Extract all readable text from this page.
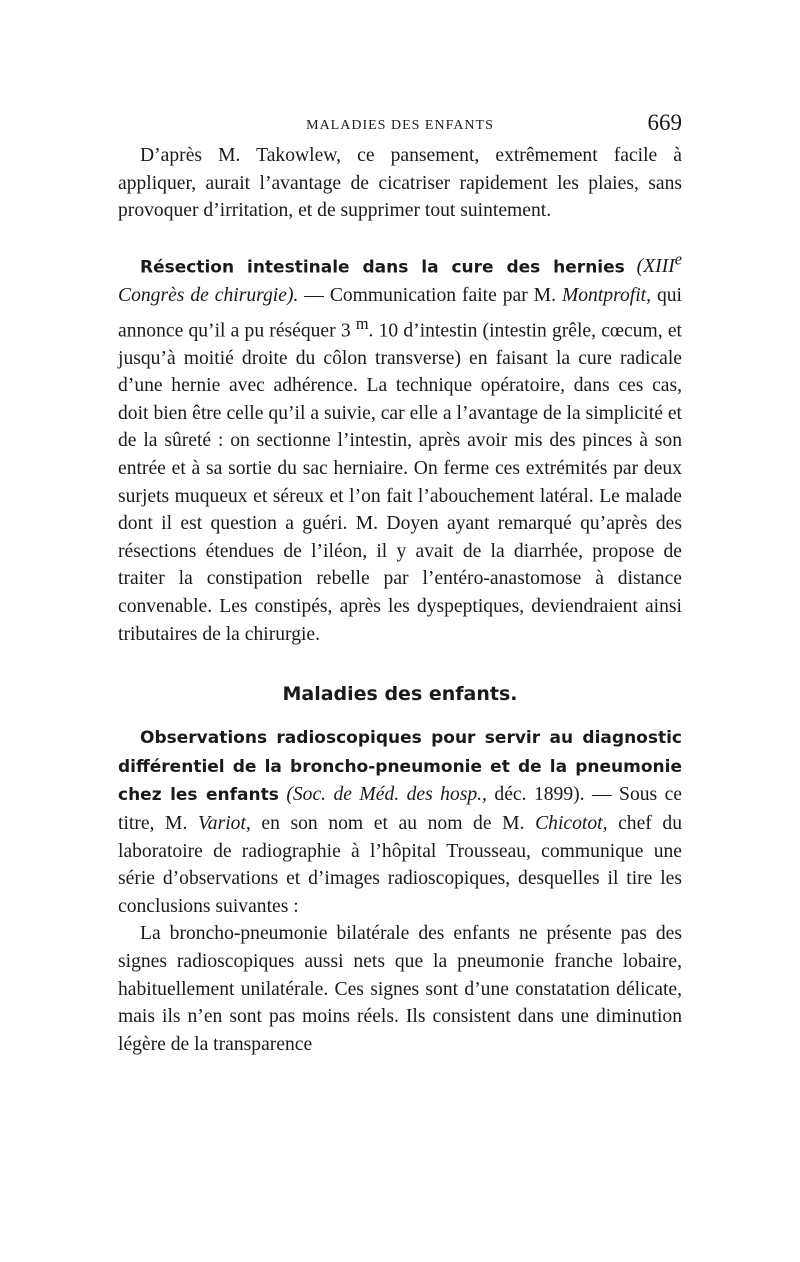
MALADIES DES ENFANTS	669

D’après M. Takowlew, ce pansement, extrêmement facile à appliquer, aurait l’avantage de cicatriser rapidement les plaies, sans provoquer d’irritation, et de supprimer tout suintement.

Résection intestinale dans la cure des hernies (XIIIe Congrès de chirurgie). — Communication faite par M. Montprofit, qui annonce qu’il a pu réséquer 3 $^m$. 10 d’intestin (intestin grêle, cœcum, et jusqu’à moitié droite du côlon transverse) en faisant la cure radicale d’une hernie avec adhérence. La technique opératoire, dans ces cas, doit bien être celle qu’il a suivie, car elle a l’avantage de la simplicité et de la sûreté : on sectionne l’intestin, après avoir mis des pinces à son entrée et à sa sortie du sac herniaire. On ferme ces extrémités par deux surjets muqueux et séreux et l’on fait l’abouchement latéral. Le malade dont il est question a guéri. M. Doyen ayant remarqué qu’après des résections étendues de l’iléon, il y avait de la diarrhée, propose de traiter la constipation rebelle par l’entéro-anastomose à distance convenable. Les constipés, après les dyspeptiques, deviendraient ainsi tributaires de la chirurgie.

Maladies des enfants.

Observations radioscopiques pour servir au diagnostic différentiel de la broncho-pneumonie et de la pneumonie chez les enfants (Soc. de Méd. des hosp., déc. 1899). — Sous ce titre, M. Variot, en son nom et au nom de M. Chicotot, chef du laboratoire de radiographie à l’hôpital Trousseau, communique une série d’observations et d’images radioscopiques, desquelles il tire les conclusions suivantes :

La broncho-pneumonie bilatérale des enfants ne présente pas des signes radioscopiques aussi nets que la pneumonie franche lobaire, habituellement unilatérale. Ces signes sont d’une constatation délicate, mais ils n’en sont pas moins réels. Ils consistent dans une diminution légère de la transparence
